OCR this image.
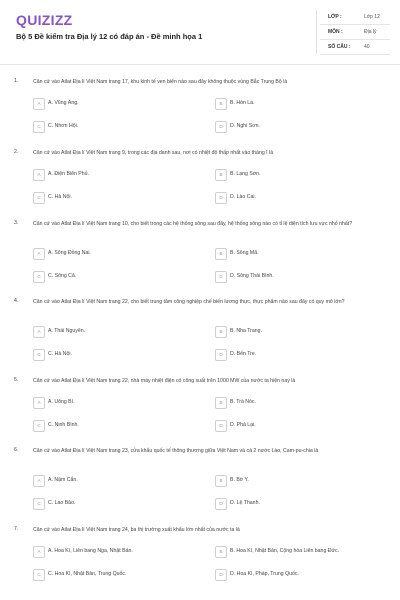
QUIZIZZ
Bộ 5 Đề kiểm tra Địa lý 12 có đáp án - Đề minh họa 1
LỚP :	Lớp 12
MÔN :	Địa lý
SỐ CÂU :	40
1.	Căn cứ vào Atlat Địa lí Việt Nam trang 17, khu kinh tế ven biển nào sau đây không thuộc vùng Bắc Trung Bộ là
A	A. Vũng Áng.	B	B. Hòn La.
C	C. Nhơn Hội.	D	D. Nghi Sơn.
2.	Căn cứ vào Atlat Địa lí Việt Nam trang 9, trong các địa danh sau, nơi có nhiệt độ thấp nhất vào tháng I là
A	A. Điện Biên Phủ.	B	B. Lạng Sơn.
C	C. Hà Nội.	D	D. Lào Cai.
3.	Căn cứ vào Atlat Địa lí Việt Nam trang 10, cho biết trong các hệ thống sông sau đây, hệ thống sông nào có tỉ lệ diện tích lưu vực nhỏ nhất?
A	A. Sông Đồng Nai.	B	B. Sông Mã.
C	C. Sông Cả.	D	D. Sông Thái Bình.
4.	Căn cứ vào Atlat Địa lí Việt Nam trang 22, cho biết trung tâm công nghiệp chế biến lương thực, thực phẩm nào sau đây có quy mô lớn?
A	A. Thái Nguyên.	B	B. Nha Trang.
C	C. Hà Nội.	D	D. Bến Tre.
5.	Căn cứ vào Atlat Địa lí Việt Nam trang 22, nhà máy nhiệt điện có công suất trên 1000 MW của nước ta hiện nay là
A	A. Uông Bí.	B	B. Trà Nóc.
C	C. Ninh Bình.	D	D. Phả Lại.
6.	Căn cứ vào Atlat Địa lí Việt Nam trang 23, cửa khẩu quốc tế thông thương giữa Việt Nam và cả 2 nước Lào, Cam-pu-chia là
A	A. Nậm Cắn.	B	B. Bờ Y.
C	C. Lao Bảo.	D	D. Lệ Thanh.
7.	Căn cứ vào Atlat Địa lí Việt Nam trang 24, ba thị trường xuất khẩu lớn nhất của nước ta là
A	A. Hoa Kì, Liên bang Nga, Nhật Bản.	B	B. Hoa Kì, Nhật Bản, Cộng hòa Liên bang Đức.
C	C. Hoa Kì, Nhật Bản, Trung Quốc.	D	D. Hoa Kì, Pháp, Trung Quốc.
